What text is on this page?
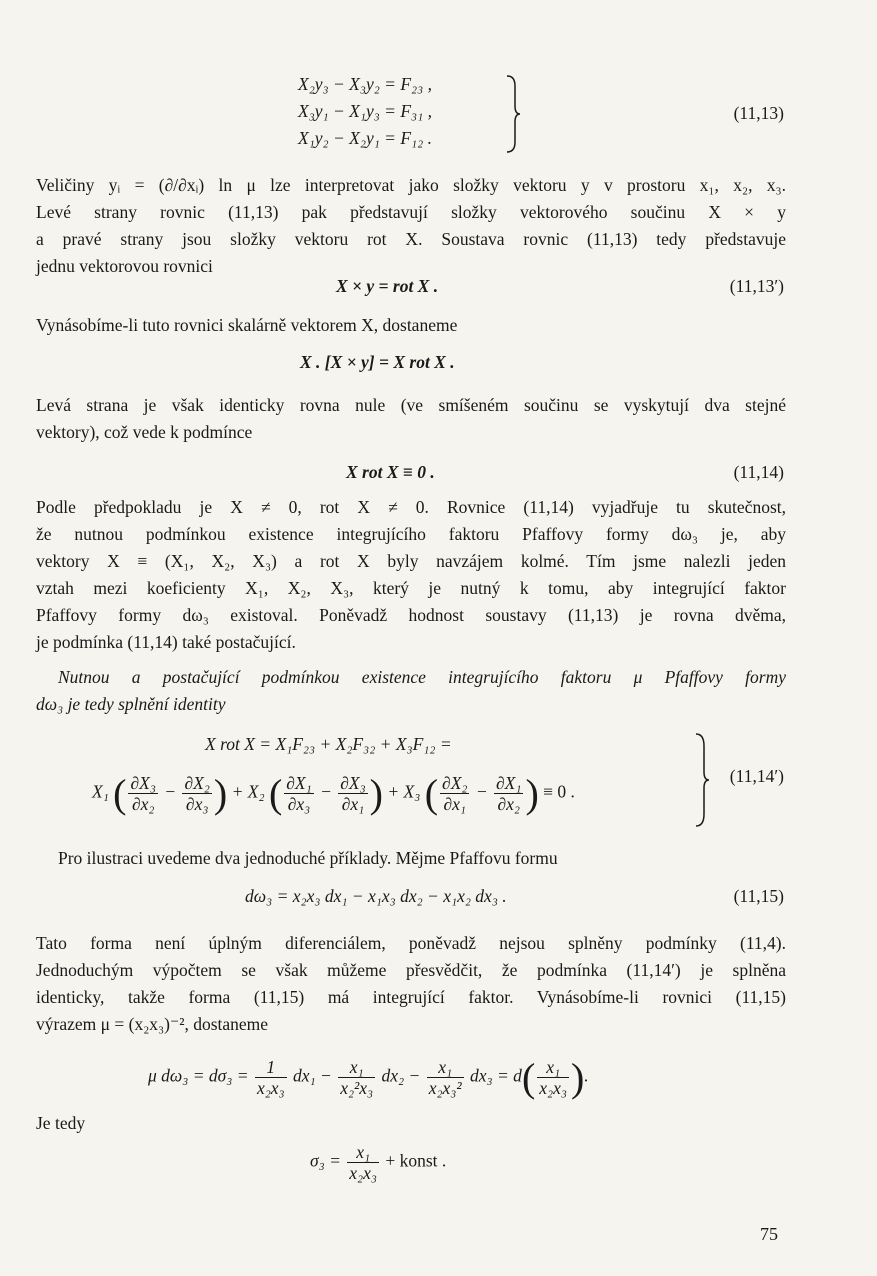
X₂y₃ − X₃y₂ = F₂₃ ,
X₃y₁ − X₁y₃ = F₃₁ ,
X₁y₂ − X₂y₁ = F₁₂ .
(11,13)
Veličiny yᵢ = (∂/∂xᵢ) ln μ lze interpretovat jako složky vektoru y v prostoru x₁, x₂, x₃.
Levé strany rovnic (11,13) pak představují složky vektorového součinu X × y
a pravé strany jsou složky vektoru rot X. Soustava rovnic (11,13) tedy představuje
jednu vektorovou rovnici
X × y = rot X .	(11,13′)
Vynásobíme-li tuto rovnici skalárně vektorem X, dostaneme
X . [X × y] = X rot X .
Levá strana je však identicky rovna nule (ve smíšeném součinu se vyskytují dva stejné
vektory), což vede k podmínce
X rot X ≡ 0 .	(11,14)
Podle předpokladu je X ≠ 0, rot X ≠ 0. Rovnice (11,14) vyjadřuje tu skutečnost,
že nutnou podmínkou existence integrujícího faktoru Pfaffovy formy dω₃ je, aby
vektory X ≡ (X₁, X₂, X₃) a rot X byly navzájem kolmé. Tím jsme nalezli jeden
vztah mezi koeficienty X₁, X₂, X₃, který je nutný k tomu, aby integrující faktor
Pfaffovy formy dω₃ existoval. Poněvadž hodnost soustavy (11,13) je rovna dvěma,
je podmínka (11,14) také postačující.
Nutnou a postačující podmínkou existence integrujícího faktoru μ Pfaffovy formy
dω₃ je tedy splnění identity
X rot X = X₁F₂₃ + X₂F₃₂ + X₃F₁₂ =
X₁ ( $\frac{\text{∂X₃}}{\text{∂x₂}} - \frac{\text{∂X₂}}{\text{∂x₃}}$ ) + X₂ ( $\frac{\text{∂X₁}}{\text{∂x₃}} - \frac{\text{∂X₃}}{\text{∂x₁}}$ ) + X₃ ( $\frac{\text{∂X₂}}{\text{∂x₁}} - \frac{\text{∂X₁}}{\text{∂x₂}}$ ) ≡ 0 .
(11,14′)
Pro ilustraci uvedeme dva jednoduché příklady. Mějme Pfaffovu formu
dω₃ = x₂x₃ dx₁ − x₁x₃ dx₂ − x₁x₂ dx₃ .	(11,15)
Tato forma není úplným diferenciálem, poněvadž nejsou splněny podmínky (11,4).
Jednoduchým výpočtem se však můžeme přesvědčit, že podmínka (11,14′) je splněna
identicky, takže forma (11,15) má integrující faktor. Vynásobíme-li rovnici (11,15)
výrazem μ = (x₂x₃)⁻², dostaneme
μ $d\omega_3 = d\sigma_3 = \frac{1}{\text{x₂x₃}} dx_1 - \frac{\text{x₁}}{\text{x₂²x₃}} dx_2 - \frac{\text{x₁}}{\text{x₂x₃²}} dx_3 = d( \frac{\text{x₁}}{\text{x₂x₃}}$ ).
Je tedy
$\sigma_3 = \frac{\text{x₁}}{\text{x₂x₃}}$ + konst .
75
